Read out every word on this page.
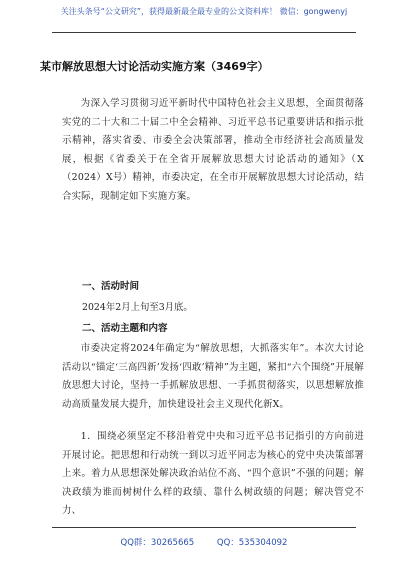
关注头条号“公文研究”，获得最新最全最专业的公文资料库！ 微信：gongwenyj
某市解放思想大讨论活动实施方案（3469字）

为深入学习贯彻习近平新时代中国特色社会主义思想，全面贯彻落实党的二十大和二十届二中全会精神、习近平总书记重要讲话和指示批示精神，落实省委、市委全会决策部署，推动全市经济社会高质量发展，根据《省委关于在全省开展解放思想大讨论活动的通知》（X（2024）X号）精神，市委决定，在全市开展解放思想大讨论活动，结合实际，现制定如下实施方案。

一、活动时间
2024年2月上旬至3月底。
二、活动主题和内容

市委决定将2024年确定为“解放思想，大抓落实年”。本次大讨论活动以“锚定‘三高四新’发扬‘四敢’精神”为主题，紧扣“六个围绕”开展解放思想大讨论，坚持一手抓解放思想、一手抓贯彻落实，以思想解放推动高质量发展大提升，加快建设社会主义现代化新X。

1．围绕必须坚定不移沿着党中央和习近平总书记指引的方向前进开展讨论。把思想和行动统一到以习近平同志为核心的党中央决策部署上来。着力从思想深处解决政治站位不高、“四个意识”不强的问题；解决政绩为谁而树树什么样的政绩、靠什么树政绩的问题；解决管党不力、

QQ群：30265665	QQ：535304092
